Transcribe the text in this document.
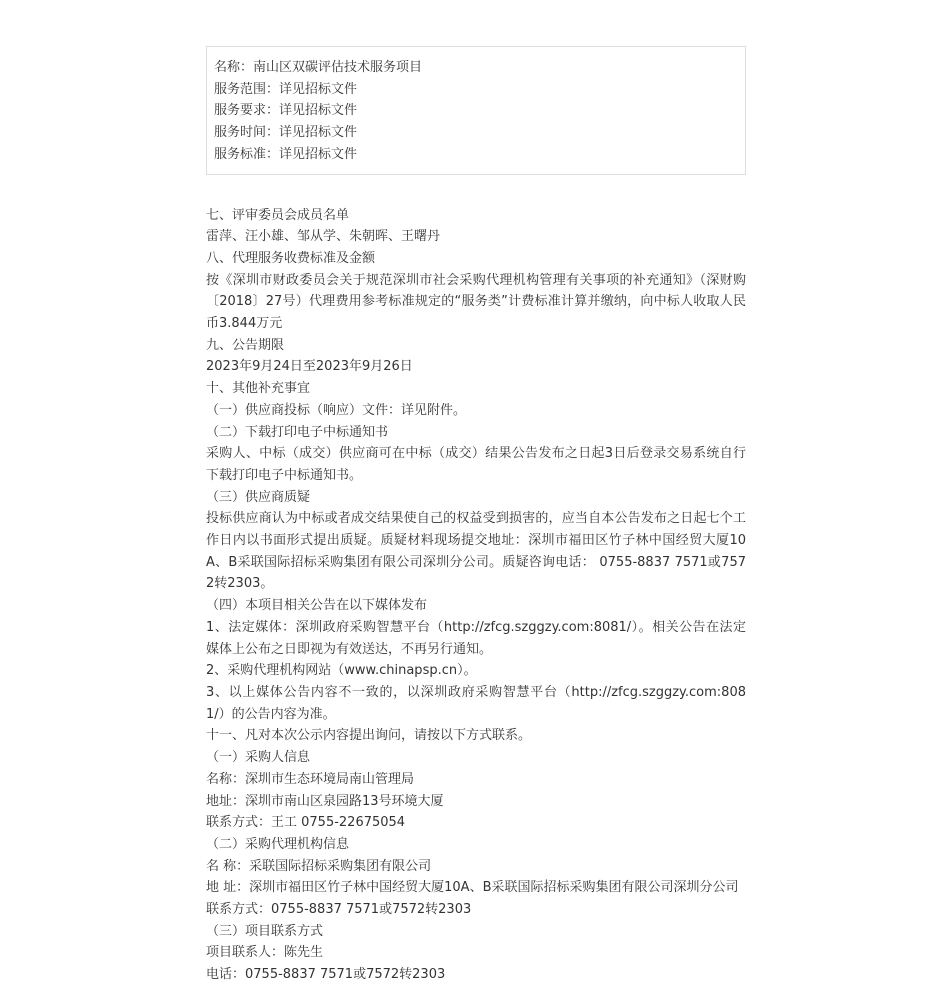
名称：南山区双碳评估技术服务项目
服务范围：详见招标文件
服务要求：详见招标文件
服务时间：详见招标文件
服务标准：详见招标文件
七、评审委员会成员名单
雷萍、汪小雄、邹从学、朱朝晖、王曙丹
八、代理服务收费标准及金额
按《深圳市财政委员会关于规范深圳市社会采购代理机构管理有关事项的补充通知》（深财购〔2018〕27号）代理费用参考标准规定的“服务类”计费标准计算并缴纳，向中标人收取人民币3.844万元
九、公告期限
2023年9月24日至2023年9月26日
十、其他补充事宜
（一）供应商投标（响应）文件：详见附件。
（二）下载打印电子中标通知书
采购人、中标（成交）供应商可在中标（成交）结果公告发布之日起3日后登录交易系统自行下载打印电子中标通知书。
（三）供应商质疑
投标供应商认为中标或者成交结果使自己的权益受到损害的，应当自本公告发布之日起七个工作日内以书面形式提出质疑。质疑材料现场提交地址：深圳市福田区竹子林中国经贸大厦10A、B采联国际招标采购集团有限公司深圳分公司。质疑咨询电话： 0755-8837 7571或7572转2303。
（四）本项目相关公告在以下媒体发布
1、法定媒体：深圳政府采购智慧平台（http://zfcg.szggzy.com:8081/）。相关公告在法定媒体上公布之日即视为有效送达，不再另行通知。
2、采购代理机构网站（www.chinapsp.cn）。
3、以上媒体公告内容不一致的，以深圳政府采购智慧平台（http://zfcg.szggzy.com:8081/）的公告内容为准。
十一、凡对本次公示内容提出询问，请按以下方式联系。
（一）采购人信息
名称：深圳市生态环境局南山管理局
地址：深圳市南山区泉园路13号环境大厦
联系方式：王工 0755-22675054
（二）采购代理机构信息
名 称：采联国际招标采购集团有限公司
地 址：深圳市福田区竹子林中国经贸大厦10A、B采联国际招标采购集团有限公司深圳分公司
联系方式：0755-8837 7571或7572转2303
（三）项目联系方式
项目联系人：陈先生
电话：0755-8837 7571或7572转2303
